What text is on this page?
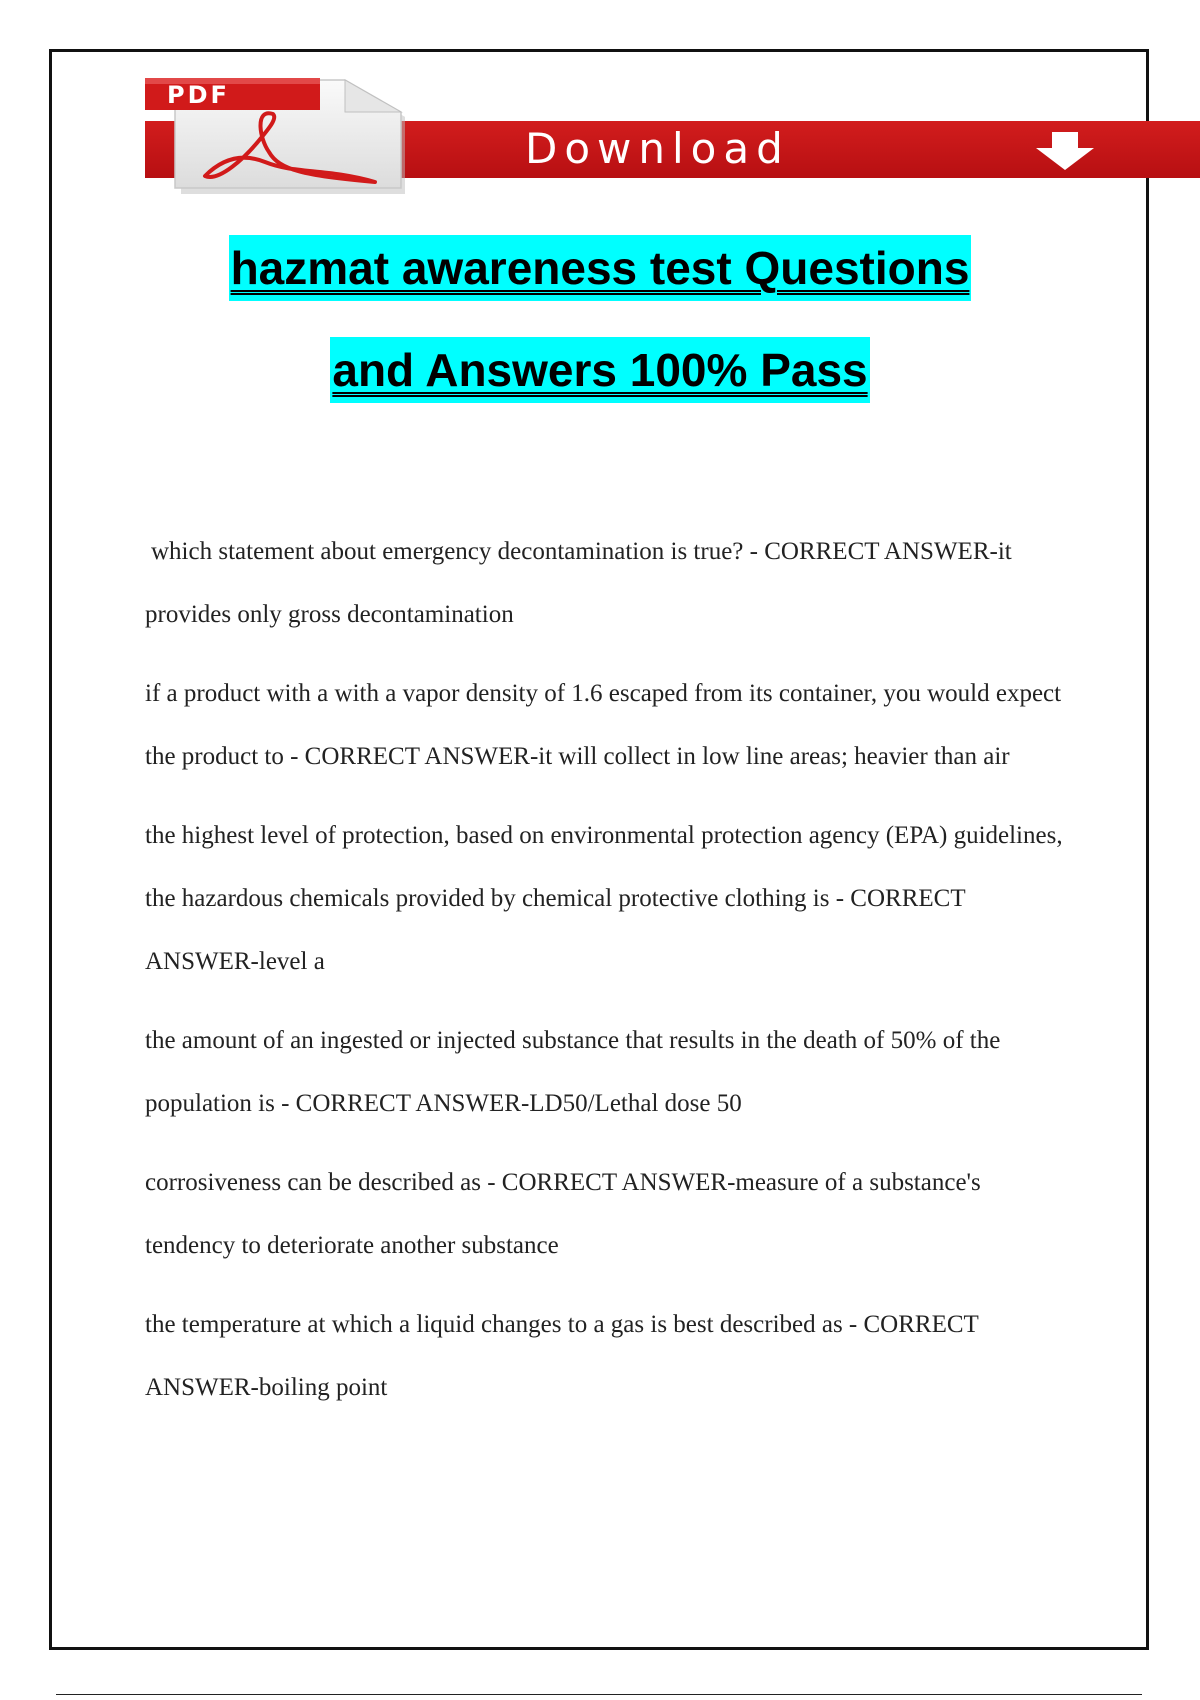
Download
PDF
hazmat awareness test Questions
and Answers 100% Pass

which statement about emergency decontamination is true? - CORRECT ANSWER-it provides only gross decontamination

if a product with a with a vapor density of 1.6 escaped from its container, you would expect the product to - CORRECT ANSWER-it will collect in low line areas; heavier than air

the highest level of protection, based on environmental protection agency (EPA) guidelines, the hazardous chemicals provided by chemical protective clothing is - CORRECT ANSWER-level a

the amount of an ingested or injected substance that results in the death of 50% of the population is - CORRECT ANSWER-LD50/Lethal dose 50

corrosiveness can be described as - CORRECT ANSWER-measure of a substance's tendency to deteriorate another substance

the temperature at which a liquid changes to a gas is best described as - CORRECT ANSWER-boiling point
